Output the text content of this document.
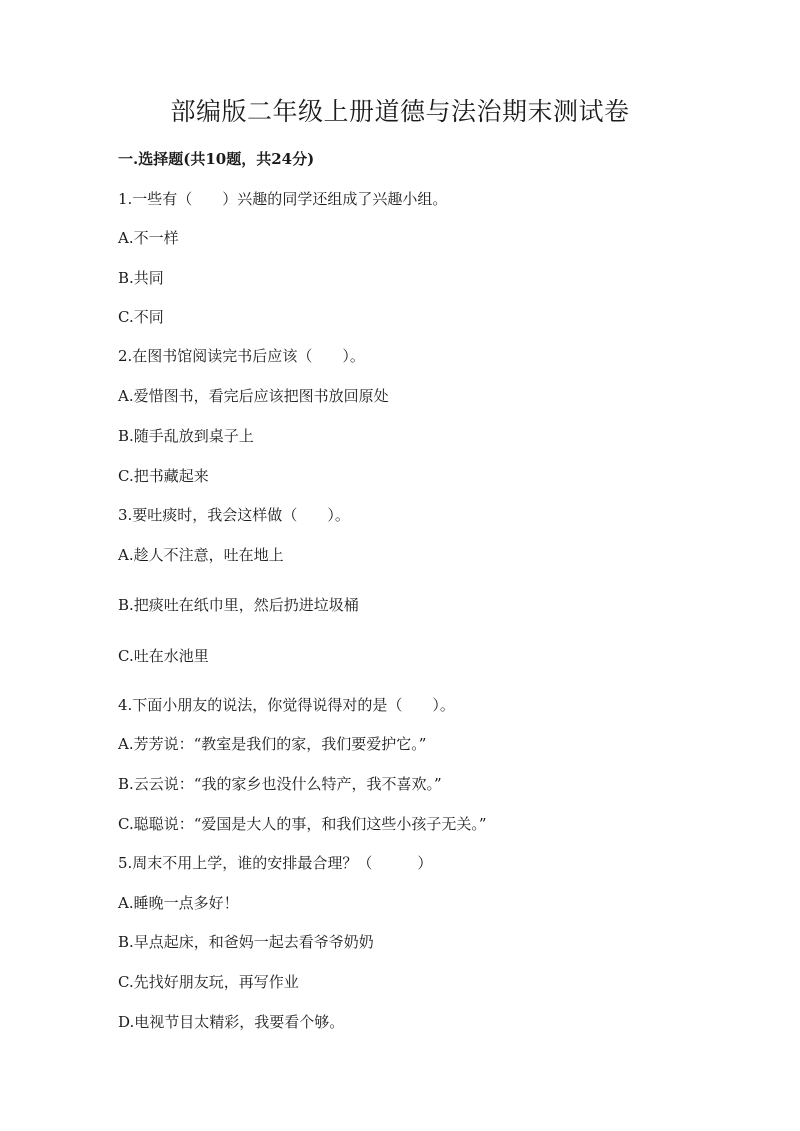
部编版二年级上册道德与法治期末测试卷
一.选择题(共10题，共24分)
1.一些有（　　）兴趣的同学还组成了兴趣小组。
A.不一样
B.共同
C.不同
2.在图书馆阅读完书后应该（　　）。
A.爱惜图书，看完后应该把图书放回原处
B.随手乱放到桌子上
C.把书藏起来
3.要吐痰时，我会这样做（　　）。
A.趁人不注意，吐在地上
B.把痰吐在纸巾里，然后扔进垃圾桶
C.吐在水池里
4.下面小朋友的说法，你觉得说得对的是（　　）。
A.芳芳说：“教室是我们的家，我们要爱护它。”
B.云云说：“我的家乡也没什么特产，我不喜欢。”
C.聪聪说：“爱国是大人的事，和我们这些小孩子无关。”
5.周末不用上学，谁的安排最合理？（　　　）
A.睡晚一点多好！
B.早点起床，和爸妈一起去看爷爷奶奶
C.先找好朋友玩，再写作业
D.电视节目太精彩，我要看个够。
